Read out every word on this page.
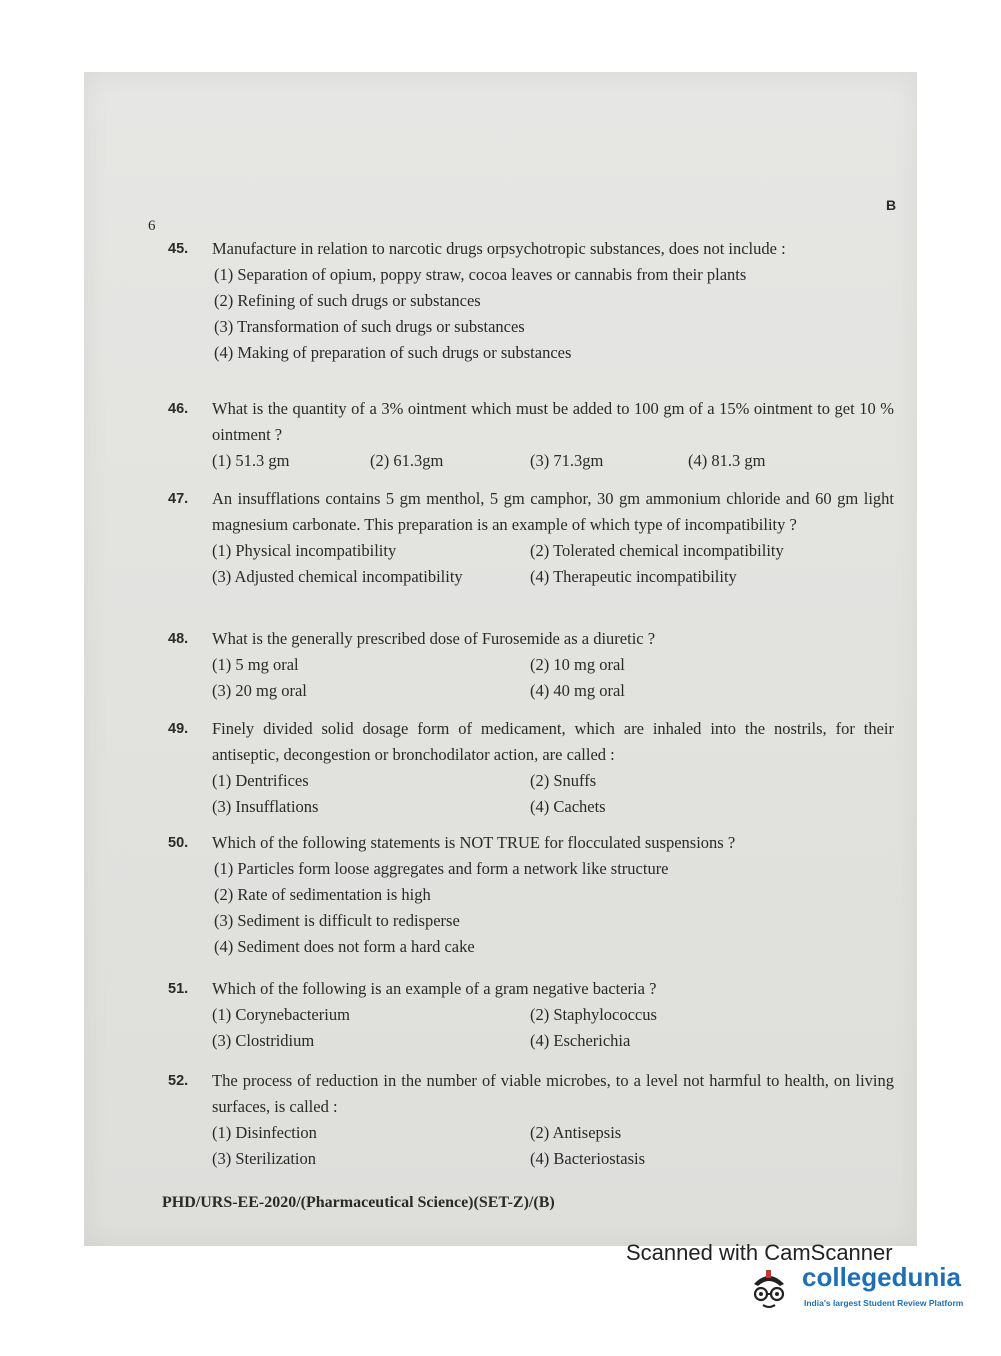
6
B
45.	Manufacture in relation to narcotic drugs orpsychotropic substances, does not include :
(1) Separation of opium, poppy straw, cocoa leaves or cannabis from their plants
(2) Refining of such drugs or substances
(3) Transformation of such drugs or substances
(4) Making of preparation of such drugs or substances
46.	What is the quantity of a 3% ointment which must be added to 100 gm of a 15% ointment to get 10 % ointment ?
(1) 51.3 gm	(2) 61.3gm	(3) 71.3gm	(4) 81.3 gm
47.	An insufflations contains 5 gm menthol, 5 gm camphor, 30 gm ammonium chloride and 60 gm light magnesium carbonate. This preparation is an example of which type of incompatibility ?
(1) Physical incompatibility	(2) Tolerated chemical incompatibility
(3) Adjusted chemical incompatibility	(4) Therapeutic incompatibility
48.	What is the generally prescribed dose of Furosemide as a diuretic ?
(1) 5 mg oral	(2) 10 mg oral
(3) 20 mg oral	(4) 40 mg oral
49.	Finely divided solid dosage form of medicament, which are inhaled into the nostrils, for their antiseptic, decongestion or bronchodilator action, are called :
(1) Dentrifices	(2) Snuffs
(3) Insufflations	(4) Cachets
50.	Which of the following statements is NOT TRUE for flocculated suspensions ?
(1) Particles form loose aggregates and form a network like structure
(2) Rate of sedimentation is high
(3) Sediment is difficult to redisperse
(4) Sediment does not form a hard cake
51.	Which of the following is an example of a gram negative bacteria ?
(1) Corynebacterium	(2) Staphylococcus
(3) Clostridium	(4) Escherichia
52.	The process of reduction in the number of viable microbes, to a level not harmful to health, on living surfaces, is called :
(1) Disinfection	(2) Antisepsis
(3) Sterilization	(4) Bacteriostasis
PHD/URS-EE-2020/(Pharmaceutical Science)(SET-Z)/(B)
Scanned with CamScanner
collegedunia
India's largest Student Review Platform
